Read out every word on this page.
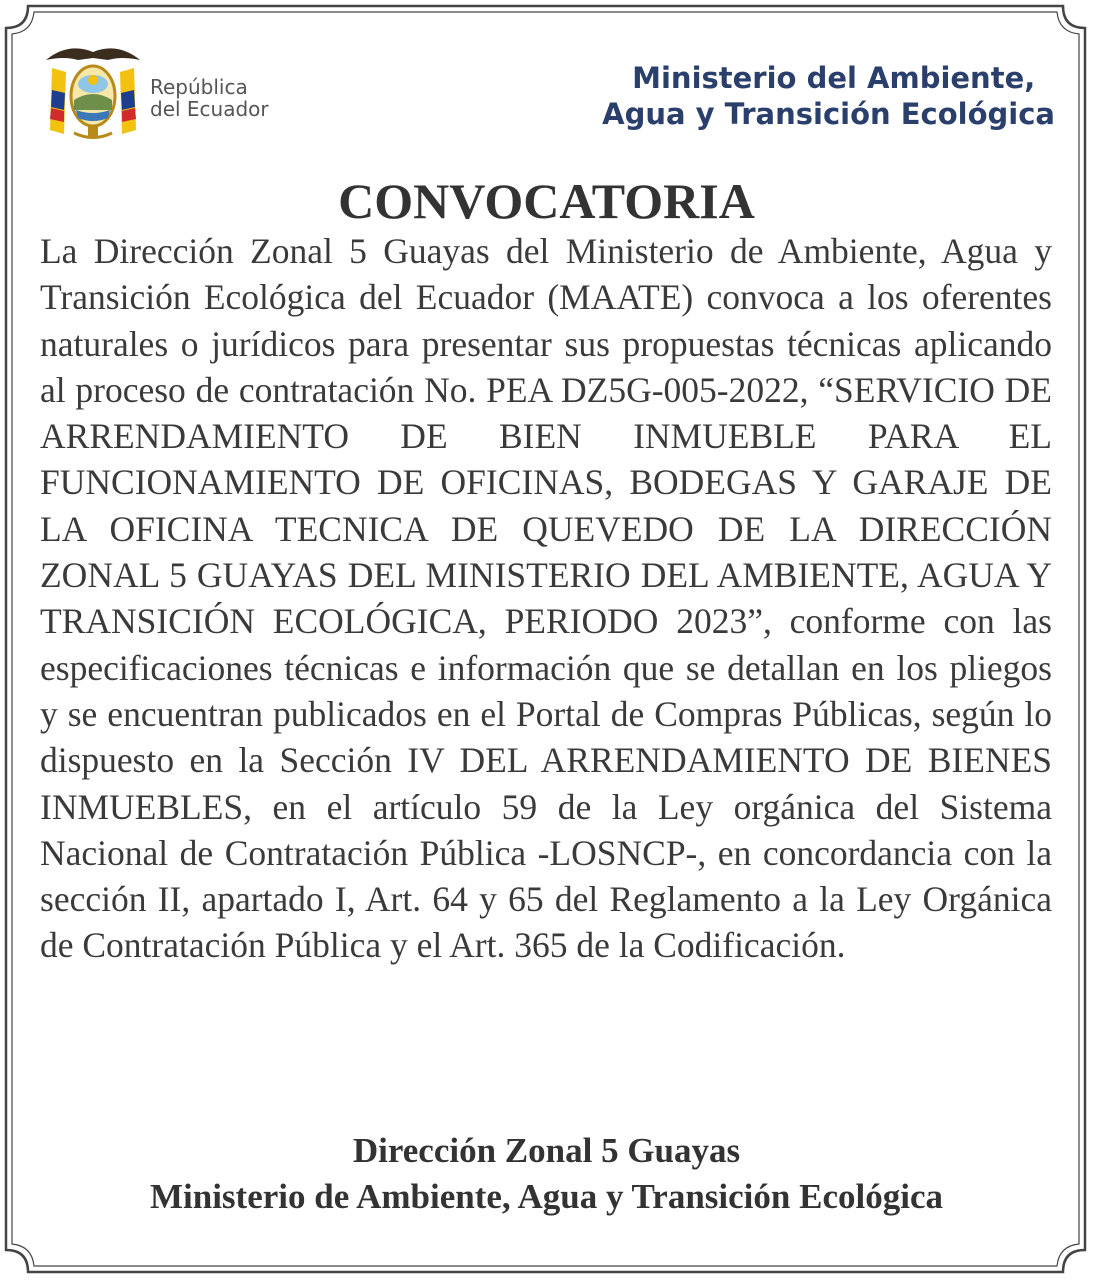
República
del Ecuador
Ministerio del Ambiente,
Agua y Transición Ecológica
CONVOCATORIA
La Dirección Zonal 5 Guayas del Ministerio de Ambiente, Agua y Transición Ecológica del Ecuador (MAATE) convoca a los oferentes naturales o jurídicos para presentar sus propuestas técnicas aplicando al proceso de contratación No. PEA DZ5G-005-2022, “SERVICIO DE ARRENDAMIENTO DE BIEN INMUEBLE PARA EL FUNCIONAMIENTO DE OFICINAS, BODEGAS Y GARAJE DE LA OFICINA TECNICA DE QUEVEDO DE LA DIRECCIÓN ZONAL 5 GUAYAS DEL MINISTERIO DEL AMBIENTE, AGUA Y TRANSICIÓN ECOLÓGICA, PERIODO 2023”, conforme con las especificaciones técnicas e información que se detallan en los pliegos y se encuentran publicados en el Portal de Compras Públicas, según lo dispuesto en la Sección IV DEL ARRENDAMIENTO DE BIENES INMUEBLES, en el artículo 59 de la Ley orgánica del Sistema Nacional de Contratación Pública -LOSNCP-, en concordancia con la sección II, apartado I, Art. 64 y 65 del Reglamento a la Ley Orgánica de Contratación Pública y el Art. 365 de la Codificación.
Dirección Zonal 5 Guayas
Ministerio de Ambiente, Agua y Transición Ecológica
